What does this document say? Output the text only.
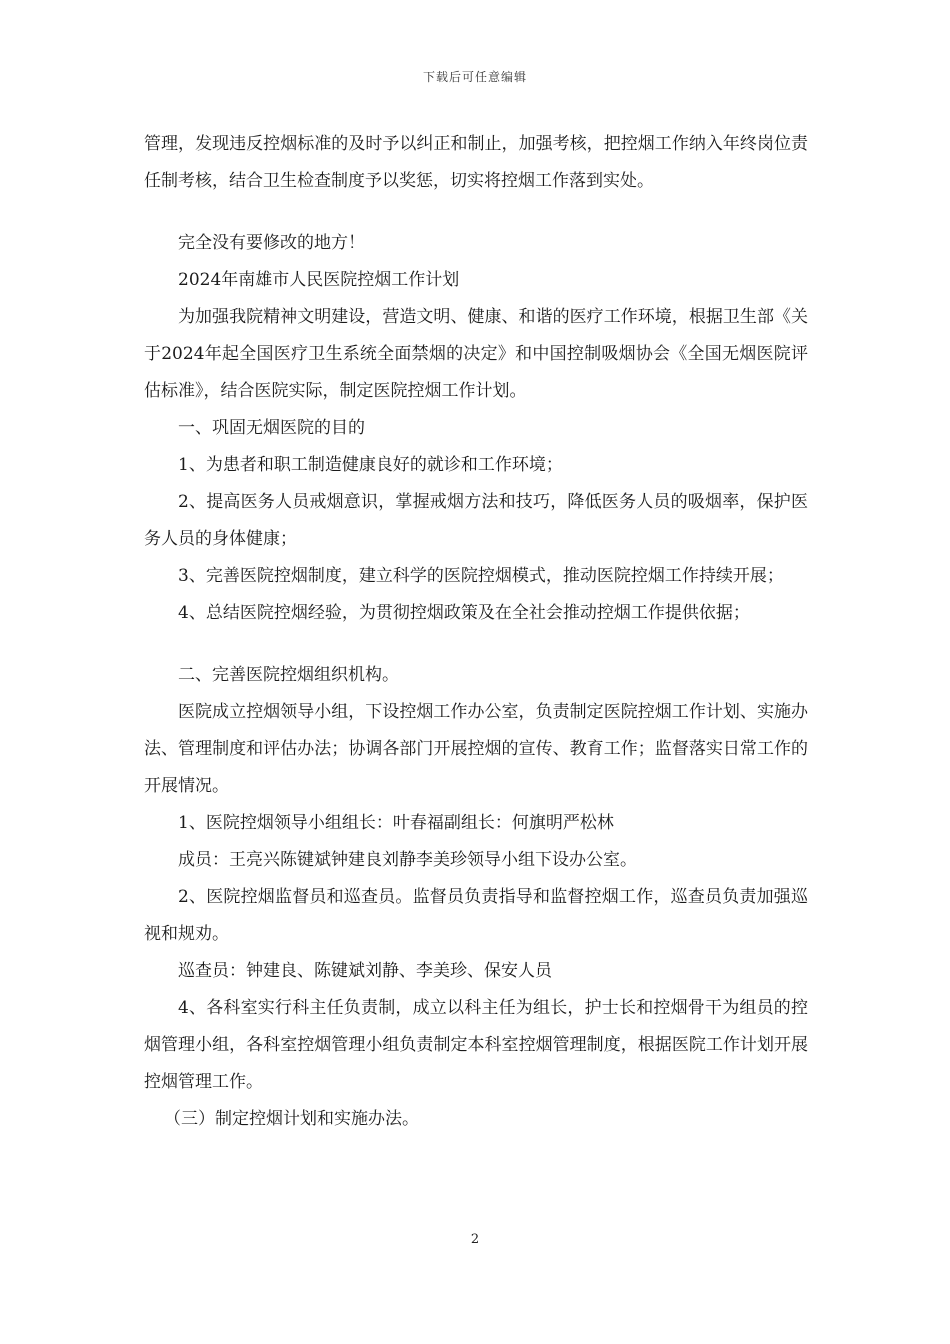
下载后可任意编辑

管理，发现违反控烟标准的及时予以纠正和制止，加强考核，把控烟工作纳入年终岗位责任制考核，结合卫生检查制度予以奖惩，切实将控烟工作落到实处。

完全没有要修改的地方！

2024年南雄市人民医院控烟工作计划

为加强我院精神文明建设，营造文明、健康、和谐的医疗工作环境，根据卫生部《关于2024年起全国医疗卫生系统全面禁烟的决定》和中国控制吸烟协会《全国无烟医院评估标准》，结合医院实际，制定医院控烟工作计划。

一、巩固无烟医院的目的

1、为患者和职工制造健康良好的就诊和工作环境；

2、提高医务人员戒烟意识，掌握戒烟方法和技巧，降低医务人员的吸烟率，保护医务人员的身体健康；

3、完善医院控烟制度，建立科学的医院控烟模式，推动医院控烟工作持续开展；

4、总结医院控烟经验，为贯彻控烟政策及在全社会推动控烟工作提供依据；

二、完善医院控烟组织机构。

医院成立控烟领导小组，下设控烟工作办公室，负责制定医院控烟工作计划、实施办法、管理制度和评估办法；协调各部门开展控烟的宣传、教育工作；监督落实日常工作的开展情况。

1、医院控烟领导小组组长：叶春福副组长：何旗明严松林

成员：王亮兴陈键斌钟建良刘静李美珍领导小组下设办公室。

2、医院控烟监督员和巡查员。监督员负责指导和监督控烟工作，巡查员负责加强巡视和规劝。

巡查员：钟建良、陈键斌刘静、李美珍、保安人员

4、各科室实行科主任负责制，成立以科主任为组长，护士长和控烟骨干为组员的控烟管理小组，各科室控烟管理小组负责制定本科室控烟管理制度，根据医院工作计划开展控烟管理工作。

（三）制定控烟计划和实施办法。

2
